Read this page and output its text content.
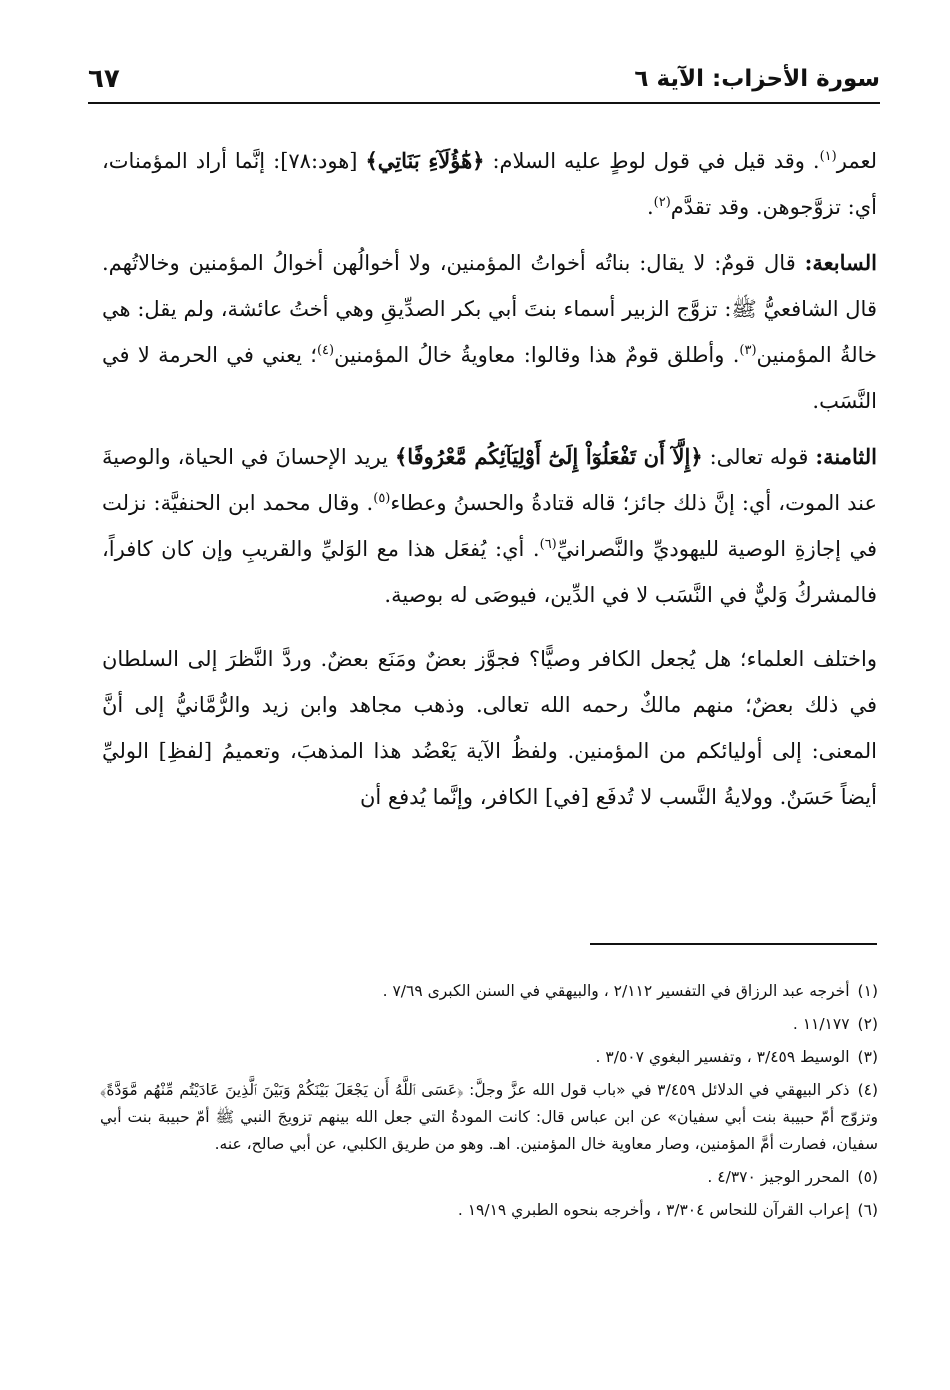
سورة الأحزاب: الآية ٦
٦٧

لعمر$^{(١)}$. وقد قيل في قول لوطٍ عليه السلام: ﴿هَٰٓؤُلَآءِ بَنَاتِي﴾ [هود:٧٨]: إنَّما أراد المؤمنات، أي: تزوَّجوهن. وقد تقدَّم$^{(٢)}$.

السابعة: قال قومٌ: لا يقال: بناتُه أخواتُ المؤمنين، ولا أخوالُهن أخوالُ المؤمنين وخالاتُهم. قال الشافعيُّ ﷺ: تزوَّج الزبير أسماء بنتَ أبي بكر الصدِّيقِ وهي أختُ عائشة، ولم يقل: هي خالةُ المؤمنين$^{(٣)}$. وأطلق قومٌ هذا وقالوا: معاويةُ خالُ المؤمنين$^{(٤)}$؛ يعني في الحرمة لا في النَّسَب.

الثامنة: قوله تعالى: ﴿إِلَّآ أَن تَفْعَلُوٓاْ إِلَىٰٓ أَوْلِيَآئِكُم مَّعْرُوفًا﴾ يريد الإحسانَ في الحياة، والوصيةَ عند الموت، أي: إنَّ ذلك جائز؛ قاله قتادةُ والحسنُ وعطاء$^{(٥)}$. وقال محمد ابن الحنفيَّة: نزلت في إجازةِ الوصية لليهوديِّ والنَّصرانيِّ$^{(٦)}$. أي: يُفعَل هذا مع الوَليِّ والقريبِ وإن كان كافراً، فالمشركُ وَليٌّ في النَّسَب لا في الدِّين، فيوصَى له بوصية.

واختلف العلماء؛ هل يُجعل الكافر وصيًّا؟ فجوَّز بعضٌ ومَنَع بعضٌ. وردَّ النَّظرَ إلى السلطان في ذلك بعضٌ؛ منهم مالكٌ رحمه الله تعالى. وذهب مجاهد وابن زيد والرُّمَّانيُّ إلى أنَّ المعنى: إلى أوليائكم من المؤمنين. ولفظُ الآية يَعْضُد هذا المذهبَ، وتعميمُ [لفظِ] الوليِّ أيضاً حَسَنٌ. وولايةُ النَّسب لا تُدفَع [في] الكافر، وإنَّما يُدفع أن

(١)أخرجه عبد الرزاق في التفسير ٢/١١٢ ، والبيهقي في السنن الكبرى ٧/٦٩ .

(٢)١١/١٧٧ .

(٣)الوسيط ٣/٤٥٩ ، وتفسير البغوي ٣/٥٠٧ .

(٤)ذكر البيهقي في الدلائل ٣/٤٥٩ في «باب قول الله عزَّ وجلَّ: ﴿عَسَى ٱللَّهُ أَن يَجْعَلَ بَيْنَكُمْ وَبَيْنَ ٱلَّذِينَ عَادَيْتُم مِّنْهُم مَّوَدَّةً﴾ وتزوّج أمّ حبيبة بنت أبي سفيان» عن ابن عباس قال: كانت المودةُ التي جعل الله بينهم تزويجَ النبي ﷺ أمّ حبيبة بنت أبي سفيان، فصارت أمَّ المؤمنين، وصار معاوية خال المؤمنين. اهـ. وهو من طريق الكلبي، عن أبي صالح، عنه.

(٥)المحرر الوجيز ٤/٣٧٠ .

(٦)إعراب القرآن للنحاس ٣/٣٠٤ ، وأخرجه بنحوه الطبري ١٩/١٩ .
